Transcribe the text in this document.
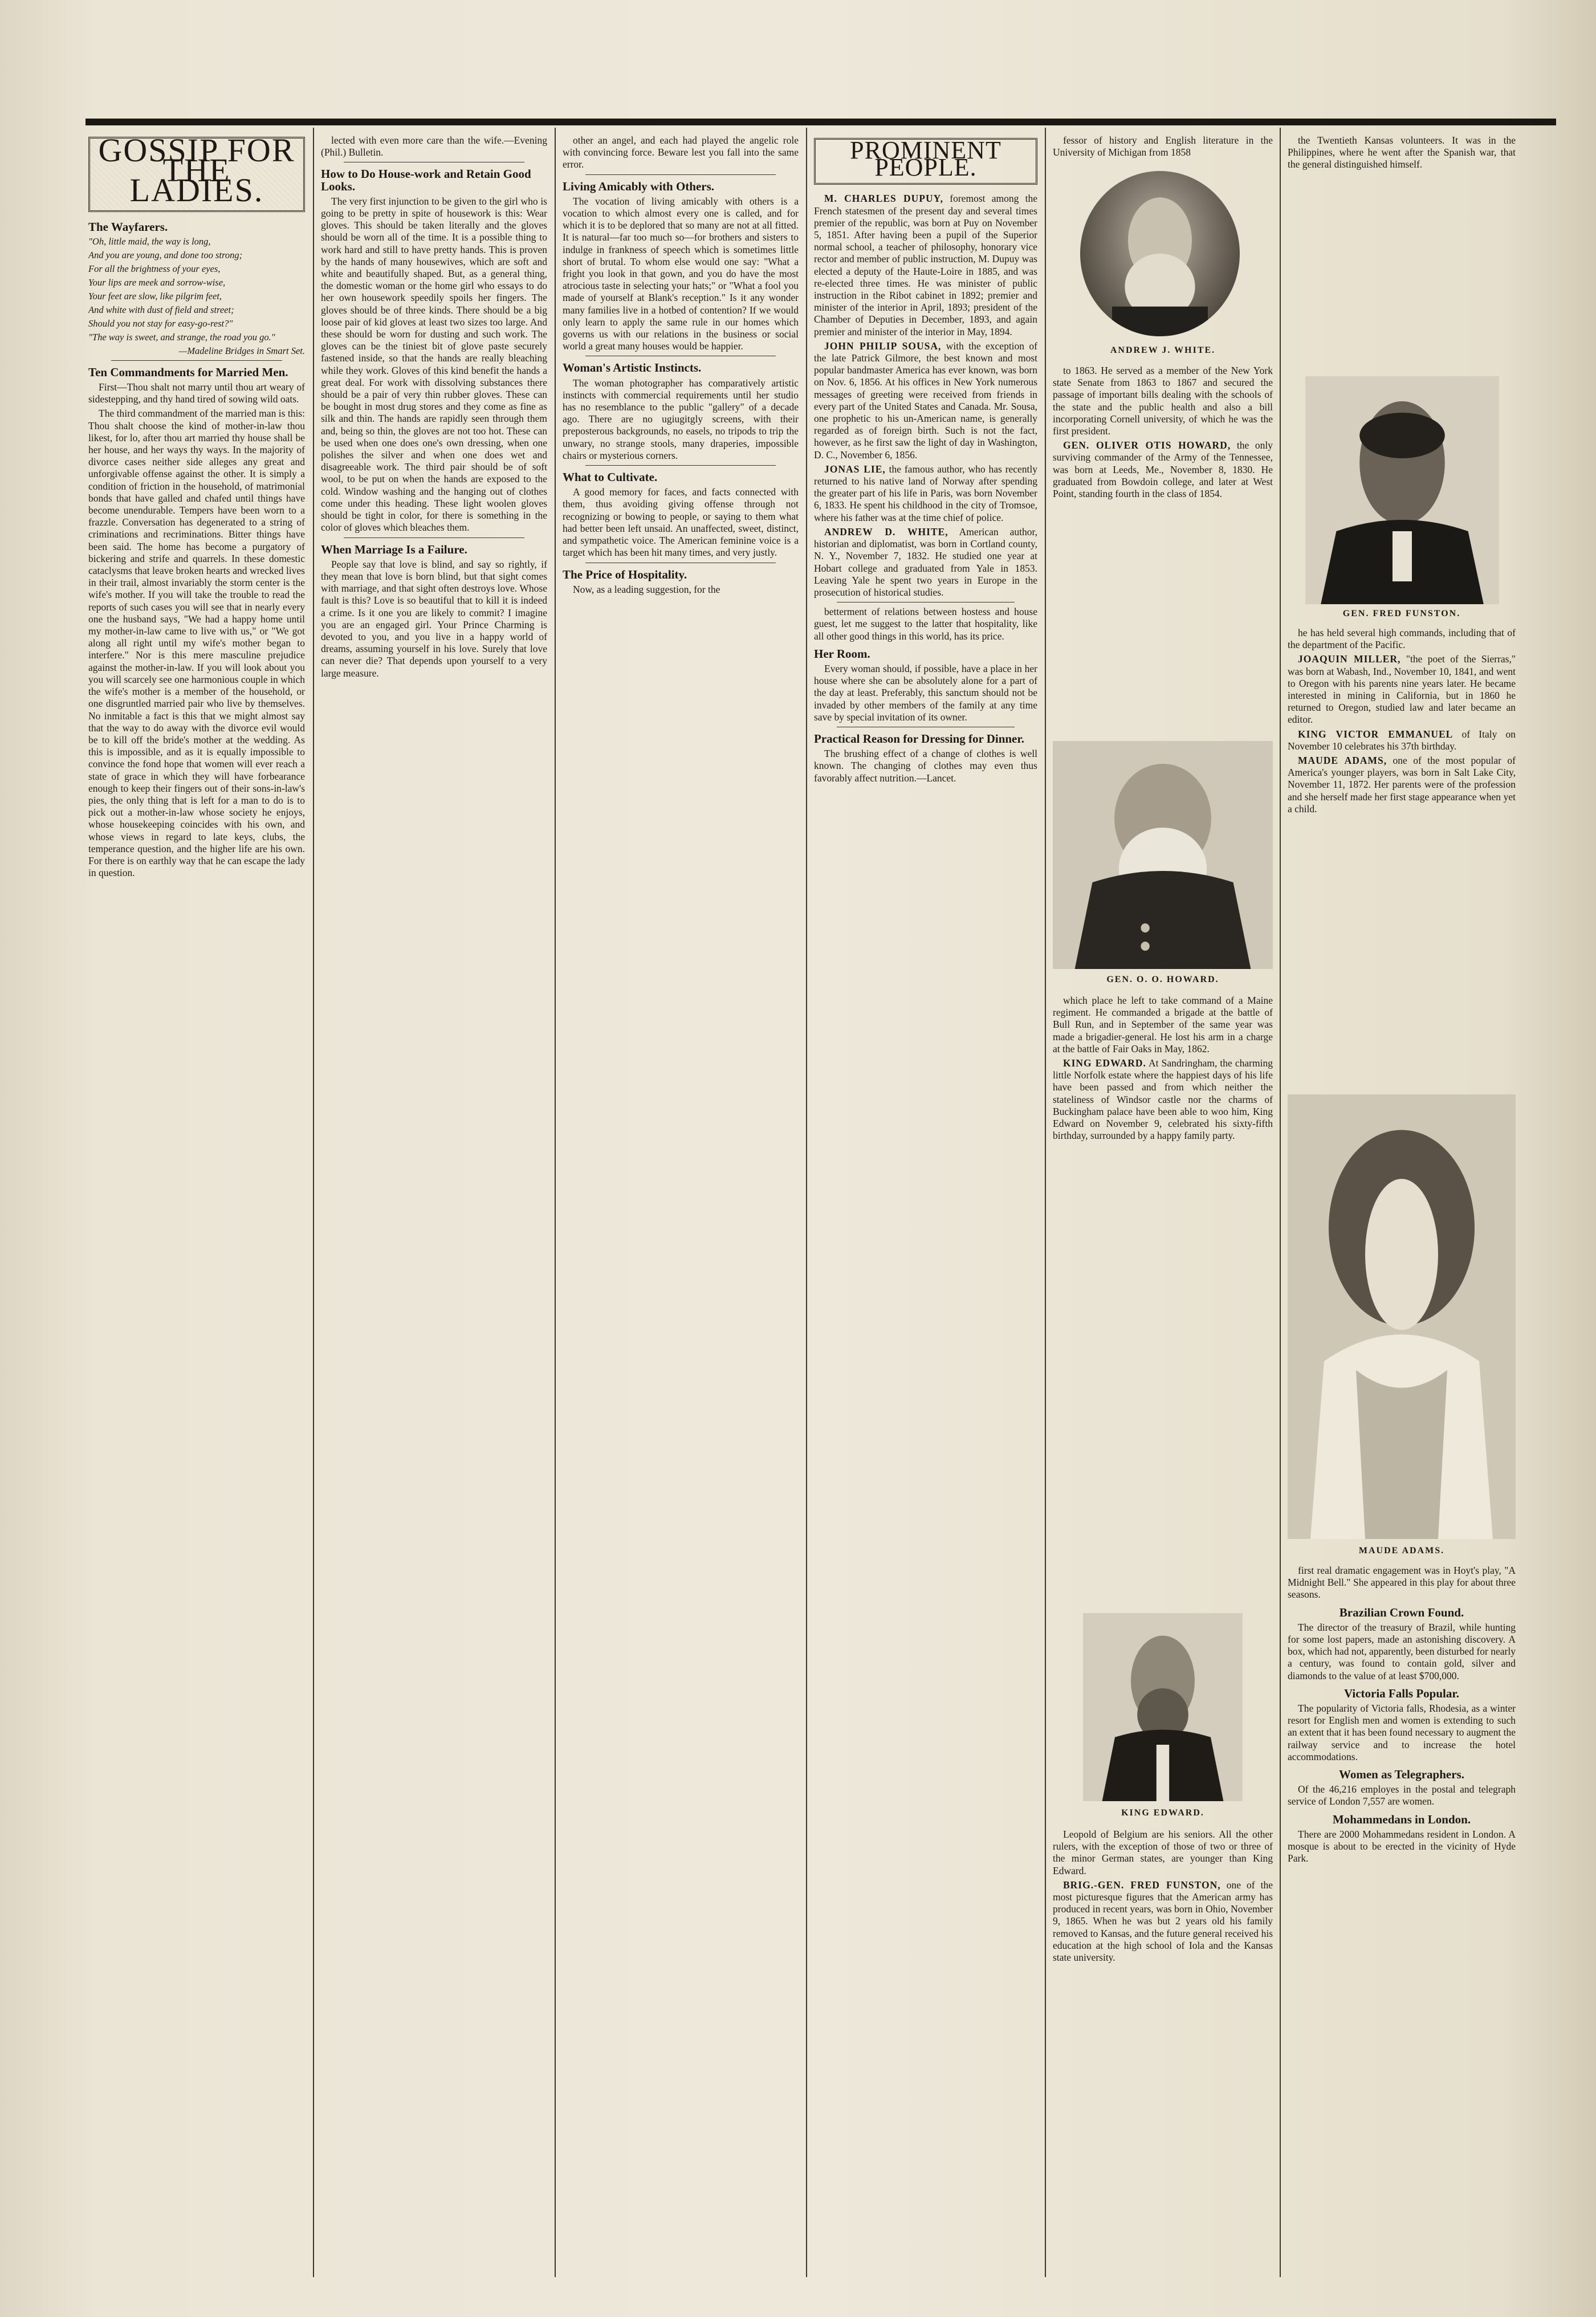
GOSSIP FOR THE LADIES.
The Wayfarers.

"Oh, little maid, the way is long,

And you are young, and done too strong;

For all the brightness of your eyes,

Your lips are meek and sorrow-wise,

Your feet are slow, like pilgrim feet,

And white with dust of field and street;

Should you not stay for easy-go-rest?"

"The way is sweet, and strange, the road you go."

—Madeline Bridges in Smart Set.

Ten Commandments for Married Men.

First—Thou shalt not marry until thou art weary of sidestepping, and thy hand tired of sowing wild oats.

The third commandment of the married man is this: Thou shalt choose the kind of mother-in-law thou likest, for lo, after thou art married thy house shall be her house, and her ways thy ways. In the majority of divorce cases neither side alleges any great and unforgivable offense against the other. It is simply a condition of friction in the household, of matrimonial bonds that have galled and chafed until things have become unendurable. Tempers have been worn to a frazzle. Conversation has degenerated to a string of criminations and recriminations. Bitter things have been said. The home has become a purgatory of bickering and strife and quarrels. In these domestic cataclysms that leave broken hearts and wrecked lives in their trail, almost invariably the storm center is the wife's mother. If you will take the trouble to read the reports of such cases you will see that in nearly every one the husband says, "We had a happy home until my mother-in-law came to live with us," or "We got along all right until my wife's mother began to interfere." Nor is this mere masculine prejudice against the mother-in-law. If you will look about you you will scarcely see one harmonious couple in which the wife's mother is a member of the household, or one disgruntled married pair who live by themselves. No inmitable a fact is this that we might almost say that the way to do away with the divorce evil would be to kill off the bride's mother at the wedding. As this is impossible, and as it is equally impossible to convince the fond hope that women will ever reach a state of grace in which they will have forbearance enough to keep their fingers out of their sons-in-law's pies, the only thing that is left for a man to do is to pick out a mother-in-law whose society he enjoys, whose housekeeping coincides with his own, and whose views in regard to late keys, clubs, the temperance question, and the higher life are his own. For there is on earthly way that he can escape the lady in question.

lected with even more care than the wife.—Evening (Phil.) Bulletin.

How to Do House-work and Retain Good Looks.

The very first injunction to be given to the girl who is going to be pretty in spite of housework is this: Wear gloves. This should be taken literally and the gloves should be worn all of the time. It is a possible thing to work hard and still to have pretty hands. This is proven by the hands of many housewives, which are soft and white and beautifully shaped. But, as a general thing, the domestic woman or the home girl who essays to do her own housework speedily spoils her fingers. The gloves should be of three kinds. There should be a big loose pair of kid gloves at least two sizes too large. And these should be worn for dusting and such work. The gloves can be the tiniest bit of glove paste securely fastened inside, so that the hands are really bleaching while they work. Gloves of this kind benefit the hands a great deal. For work with dissolving substances there should be a pair of very thin rubber gloves. These can be bought in most drug stores and they come as fine as silk and thin. The hands are rapidly seen through them and, being so thin, the gloves are not too hot. These can be used when one does one's own dressing, when one polishes the silver and when one does wet and disagreeable work. The third pair should be of soft wool, to be put on when the hands are exposed to the cold. Window washing and the hanging out of clothes come under this heading. These light woolen gloves should be tight in color, for there is something in the color of gloves which bleaches them.

When Marriage Is a Failure.

People say that love is blind, and say so rightly, if they mean that love is born blind, but that sight comes with marriage, and that sight often destroys love. Whose fault is this? Love is so beautiful that to kill it is indeed a crime. Is it one you are likely to commit? I imagine you are an engaged girl. Your Prince Charming is devoted to you, and you live in a happy world of dreams, assuming yourself in his love. Surely that love can never die? That depends upon yourself to a very large measure.

other an angel, and each had played the angelic role with convincing force. Beware lest you fall into the same error.

Living Amicably with Others.

The vocation of living amicably with others is a vocation to which almost every one is called, and for which it is to be deplored that so many are not at all fitted. It is natural—far too much so—for brothers and sisters to indulge in frankness of speech which is sometimes little short of brutal. To whom else would one say: "What a fright you look in that gown, and you do have the most atrocious taste in selecting your hats;" or "What a fool you made of yourself at Blank's reception." Is it any wonder many families live in a hotbed of contention? If we would only learn to apply the same rule in our homes which governs us with our relations in the business or social world a great many houses would be happier.

Woman's Artistic Instincts.

The woman photographer has comparatively artistic instincts with commercial requirements until her studio has no resemblance to the public "gallery" of a decade ago. There are no ugiugitgly screens, with their preposterous backgrounds, no easels, no tripods to trip the unwary, no strange stools, many draperies, impossible chairs or mysterious corners.

What to Cultivate.

A good memory for faces, and facts connected with them, thus avoiding giving offense through not recognizing or bowing to people, or saying to them what had better been left unsaid. An unaffected, sweet, distinct, and sympathetic voice. The American feminine voice is a target which has been hit many times, and very justly.

The Price of Hospitality.

Now, as a leading suggestion, for the

PROMINENT PEOPLE.

M. CHARLES DUPUY, foremost among the French statesmen of the present day and several times premier of the republic, was born at Puy on November 5, 1851. After having been a pupil of the Superior normal school, a teacher of philosophy, honorary vice rector and member of public instruction, M. Dupuy was elected a deputy of the Haute-Loire in 1885, and was re-elected three times. He was minister of public instruction in the Ribot cabinet in 1892; premier and minister of the interior in April, 1893; president of the Chamber of Deputies in December, 1893, and again premier and minister of the interior in May, 1894.

JOHN PHILIP SOUSA, with the exception of the late Patrick Gilmore, the best known and most popular bandmaster America has ever known, was born on Nov. 6, 1856. At his offices in New York numerous messages of greeting were received from friends in every part of the United States and Canada. Mr. Sousa, one prophetic to his un-American name, is generally regarded as of foreign birth. Such is not the fact, however, as he first saw the light of day in Washington, D. C., November 6, 1856.

JONAS LIE, the famous author, who has recently returned to his native land of Norway after spending the greater part of his life in Paris, was born November 6, 1833. He spent his childhood in the city of Tromsoe, where his father was at the time chief of police.

ANDREW D. WHITE, American author, historian and diplomatist, was born in Cortland county, N. Y., November 7, 1832. He studied one year at Hobart college and graduated from Yale in 1853. Leaving Yale he spent two years in Europe in the prosecution of historical studies.

betterment of relations between hostess and house guest, let me suggest to the latter that hospitality, like all other good things in this world, has its price.

Her Room.

Every woman should, if possible, have a place in her house where she can be absolutely alone for a part of the day at least. Preferably, this sanctum should not be invaded by other members of the family at any time save by special invitation of its owner.

Practical Reason for Dressing for Dinner.

The brushing effect of a change of clothes is well known. The changing of clothes may even thus favorably affect nutrition.—Lancet.

fessor of history and English literature in the University of Michigan from 1858

ANDREW J. WHITE.

to 1863. He served as a member of the New York state Senate from 1863 to 1867 and secured the passage of important bills dealing with the schools of the state and the public health and also a bill incorporating Cornell university, of which he was the first president.

GEN. OLIVER OTIS HOWARD, the only surviving commander of the Army of the Tennessee, was born at Leeds, Me., November 8, 1830. He graduated from Bowdoin college, and later at West Point, standing fourth in the class of 1854.

GEN. O. O. HOWARD.

which place he left to take command of a Maine regiment. He commanded a brigade at the battle of Bull Run, and in September of the same year was made a brigadier-general. He lost his arm in a charge at the battle of Fair Oaks in May, 1862.

KING EDWARD. At Sandringham, the charming little Norfolk estate where the happiest days of his life have been passed and from which neither the stateliness of Windsor castle nor the charms of Buckingham palace have been able to woo him, King Edward on November 9, celebrated his sixty-fifth birthday, surrounded by a happy family party.

KING EDWARD.

Leopold of Belgium are his seniors. All the other rulers, with the exception of those of two or three of the minor German states, are younger than King Edward.

BRIG.-GEN. FRED FUNSTON, one of the most picturesque figures that the American army has produced in recent years, was born in Ohio, November 9, 1865. When he was but 2 years old his family removed to Kansas, and the future general received his education at the high school of Iola and the Kansas state university.

the Twentieth Kansas volunteers. It was in the Philippines, where he went after the Spanish war, that the general distinguished himself.

GEN. FRED FUNSTON.

he has held several high commands, including that of the department of the Pacific.

JOAQUIN MILLER, "the poet of the Sierras," was born at Wabash, Ind., November 10, 1841, and went to Oregon with his parents nine years later. He became interested in mining in California, but in 1860 he returned to Oregon, studied law and later became an editor.

KING VICTOR EMMANUEL of Italy on November 10 celebrates his 37th birthday.

MAUDE ADAMS, one of the most popular of America's younger players, was born in Salt Lake City, November 11, 1872. Her parents were of the profession and she herself made her first stage appearance when yet a child.

MAUDE ADAMS.

first real dramatic engagement was in Hoyt's play, "A Midnight Bell." She appeared in this play for about three seasons.

Brazilian Crown Found.

The director of the treasury of Brazil, while hunting for some lost papers, made an astonishing discovery. A box, which had not, apparently, been disturbed for nearly a century, was found to contain gold, silver and diamonds to the value of at least $700,000.

Victoria Falls Popular.

The popularity of Victoria falls, Rhodesia, as a winter resort for English men and women is extending to such an extent that it has been found necessary to augment the railway service and to increase the hotel accommodations.

Women as Telegraphers.

Of the 46,216 employes in the postal and telegraph service of London 7,557 are women.

Mohammedans in London.

There are 2000 Mohammedans resident in London. A mosque is about to be erected in the vicinity of Hyde Park.
